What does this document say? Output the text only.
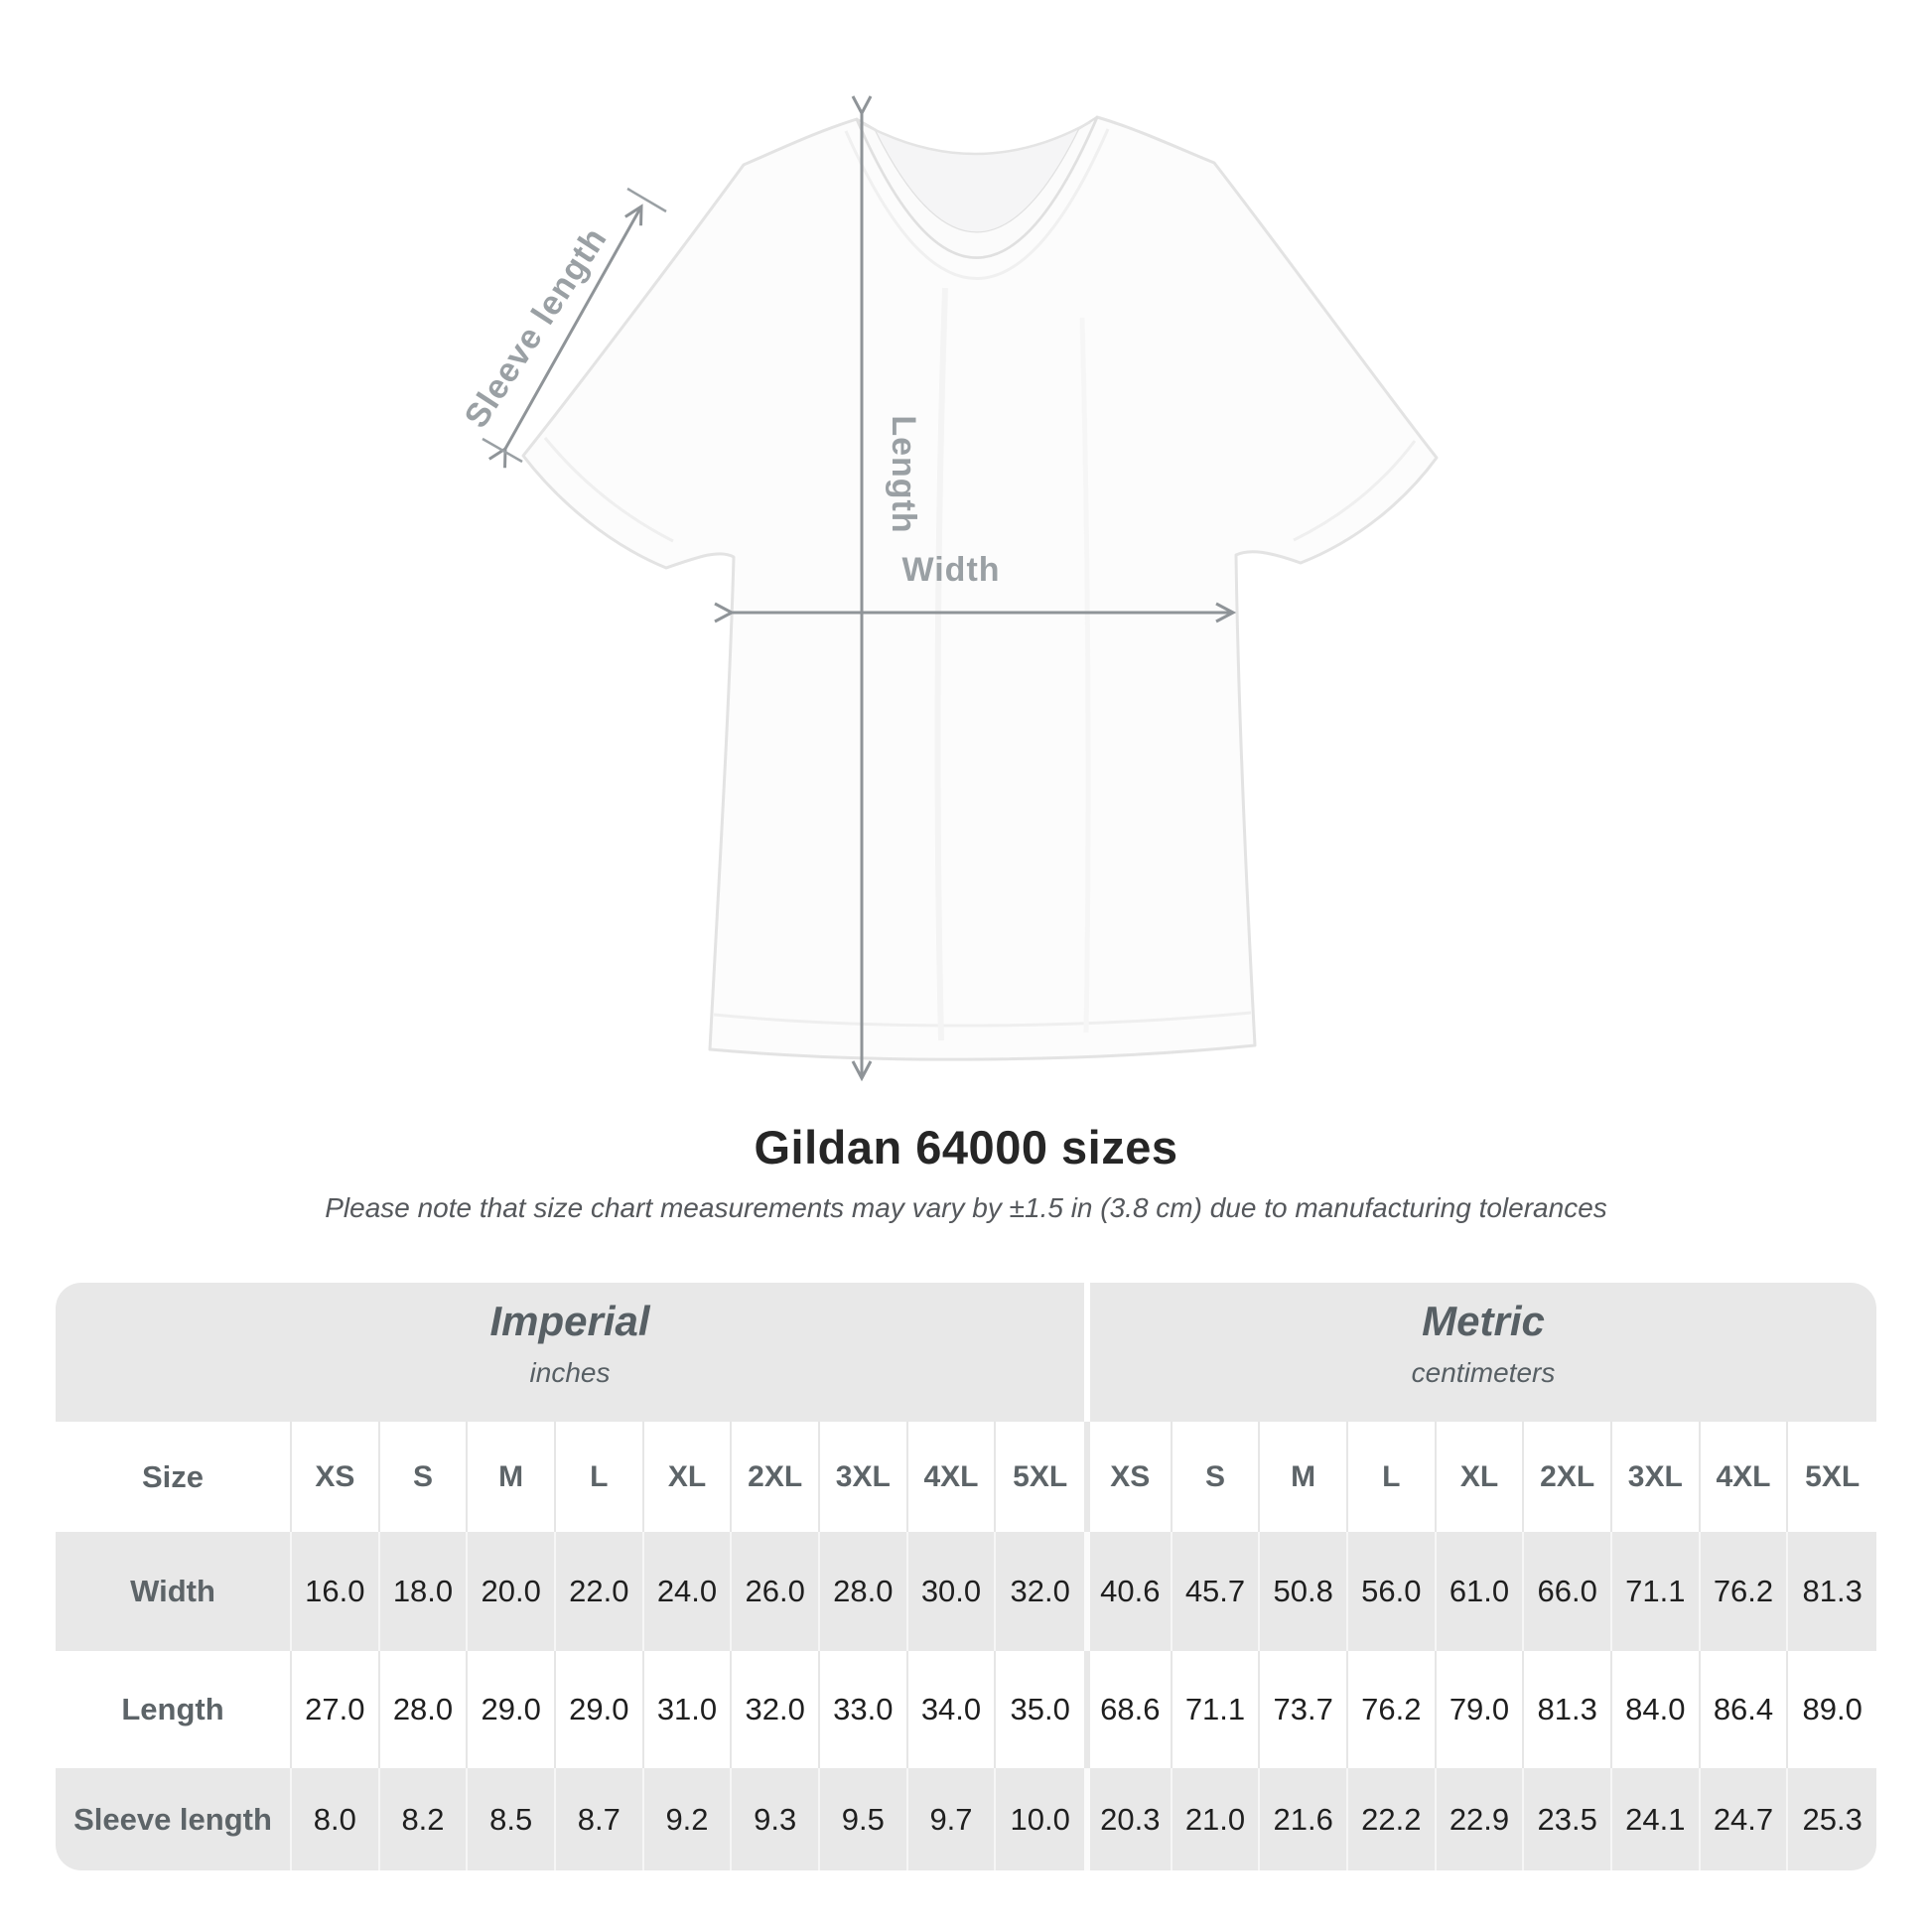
Length
Width
Sleeve length
Gildan 64000 sizes
Please note that size chart measurements may vary by ±1.5 in (3.8 cm) due to manufacturing tolerances
Imperial
inches
Metric
centimeters
Size	XS	S	M	L	XL	2XL	3XL	4XL	5XL	XS	S	M	L	XL	2XL	3XL	4XL	5XL
Width	16.0 18.0 20.0 22.0 24.0 26.0 28.0 30.0 32.0 40.6 45.7 50.8 56.0 61.0 66.0 71.1 76.2 81.3
Length	27.0 28.0 29.0 29.0 31.0 32.0 33.0 34.0 35.0 68.6 71.1 73.7 76.2 79.0 81.3 84.0 86.4 89.0
Sleeve length	8.0	8.2	8.5	8.7	9.2	9.3	9.5	9.7	10.0 20.3 21.0 21.6 22.2 22.9 23.5 24.1 24.7 25.3
